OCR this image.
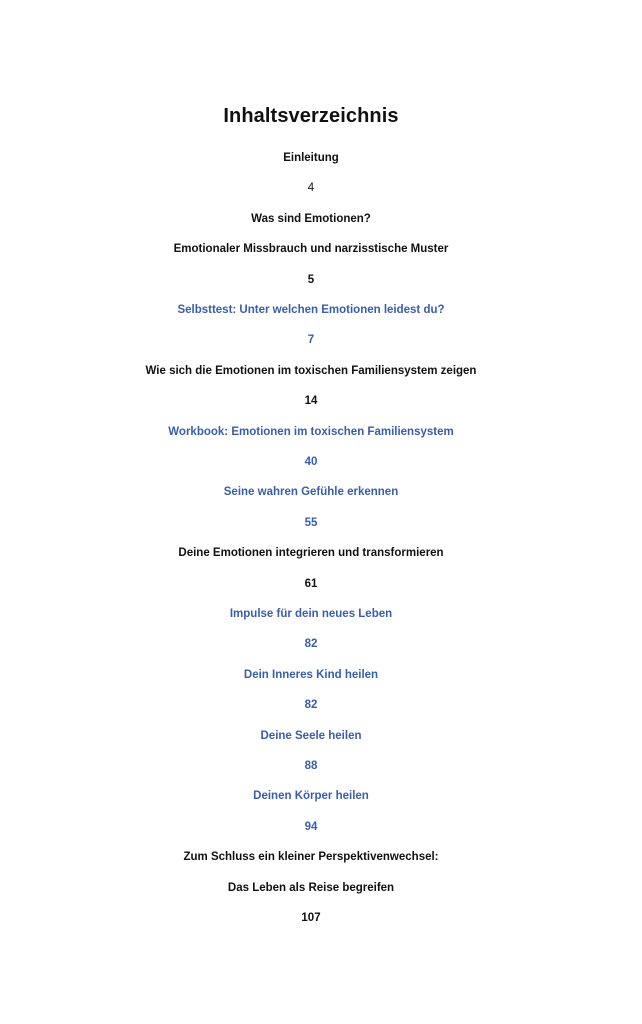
Inhaltsverzeichnis
Einleitung
4
Was sind Emotionen?
Emotionaler Missbrauch und narzisstische Muster
5
Selbsttest: Unter welchen Emotionen leidest du?
7
Wie sich die Emotionen im toxischen Familiensystem zeigen
14
Workbook: Emotionen im toxischen Familiensystem
40
Seine wahren Gefühle erkennen
55
Deine Emotionen integrieren und transformieren
61
Impulse für dein neues Leben
82
Dein Inneres Kind heilen
82
Deine Seele heilen
88
Deinen Körper heilen
94
Zum Schluss ein kleiner Perspektivenwechsel:
Das Leben als Reise begreifen
107
